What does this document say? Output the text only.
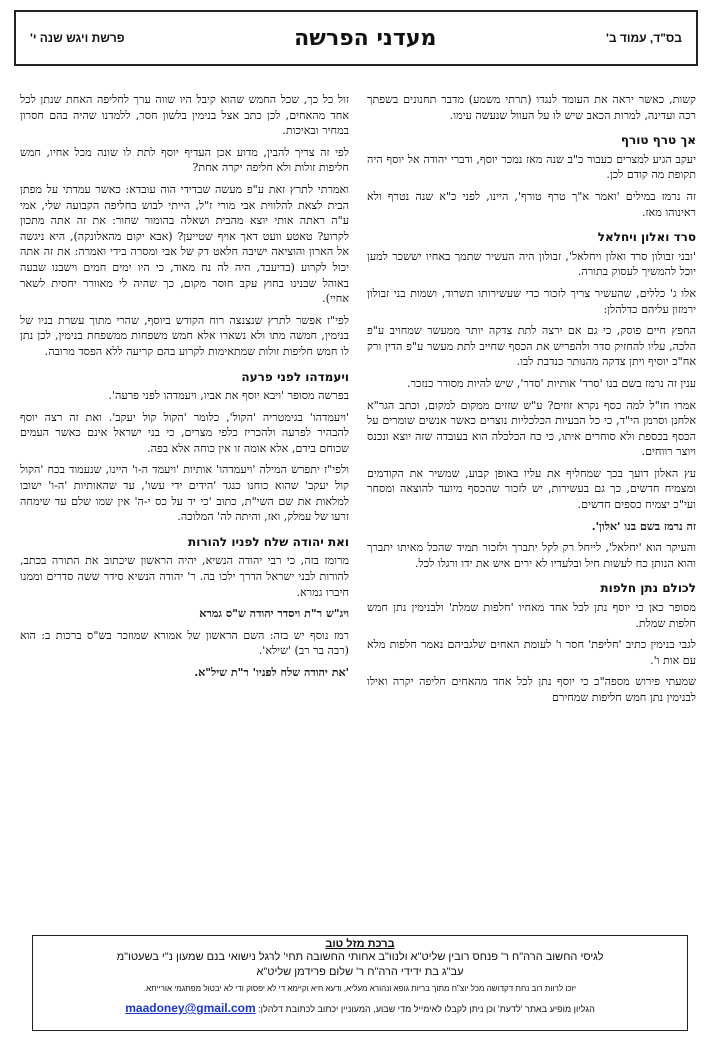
בס"ד, עמוד ב'
מעדני הפרשה
פרשת ויגש שנה י'

זול כל כך, שכל החמש שהוא קיבל היו שווה ערך לחליפה האחת שנתן לכל אחד מהאחים, לכן כתב אצל בנימין בלשון חסר, ללמדנו שהיה בהם חסרון במחיר ובאיכות.

לפי זה צריך להבין, מדוע אכן העדיף יוסף לתת לו שונה מכל אחיו, חמש חליפות זולות ולא חליפה יקרה אחת?

ואמרתי לתרץ זאת ע"פ מעשה שבדידי הוה עובדא: כאשר עמדתי על מפתן הבית לצאת להלווית אבי מורי ז"ל, הייתי לבוש בחליפה הקבועה שלי, אמי ע"ה ראתה אותי יוצא מהבית ושאלה בהומור שחור: את זה אתה מתכון לקרוע? טאטע וועט דאך אויף שטייען? (אבא יקום מהאלונקה), היא ניגשה אל הארון והוציאה ישיבה חלאט דק של אבי ומסרה בידי ואמרה: את זה אתה יכול לקרוע (בדיעבד, היה לה נח מאוד, כי היו ימים חמים וישבנו שבעה באוהל שבנינו בחוץ עקב חוסר מקום, כך שהיה לי מאוורר יחסית לשאר אחיי).

לפי"ז אפשר לתרץ שנצנצה רוח הקודש ביוסף, שהרי מתוך עשרת בניו של בנימין, חמשה מתו ולא נשארו אלא חמש משפחות ממשפחת בנימין, לכן נתן לו חמש חליפות זולות שמתאימות לקרוע בהם קריעה ללא הפסד מרובה.

ויעמדהו לפני פרעה

בפרשה מסופר 'ויבא יוסף את אביו, ויעמדהו לפני פרעה'.

'ויעמדהו' בגימטריה 'הקול', כלומר 'הקול קול יעקב'. ואת זה רצה יוסף להבהיר לפרעה ולהכריז כלפי מצרים, כי בני ישראל אינם כאשר העמים שכוחם בידם, אלא אומה זו אין כוחה אלא בפה.

ולפי"ז יתפרש המילה 'ויעמדהו' אותיות 'ויעמד ה-ו' היינו, שנעמוד בכח 'הקול קול יעקב' שהוא כוחנו כנגד 'הידים ידי עשו', עד שהאותיות 'ה-ו' ישובו למלאות את שם השי"ת, כתוב 'כי יד על כס י-ה' אין שמו שלם עד שימחה זרעו של עמלק, ואז, והיתה לה' המלוכה.

ואת יהודה שלח לפניו להורות

מרומז בזה, כי רבי יהודה הנשיא, יהיה הראשון שיכתוב את התורה בכתב, להורות לבני ישראל הדרך ילכו בה. ר' יהודה הנשיא סידר ששה סדרים וממנו חיברו גמרא.

ויג"ש ר"ת ויסדר יהודה ש"ס גמרא

רמז נוסף יש בזה: השם הראשון של אמורא שמוזכר בש"ס ברכות ב: הוא (רבה בר רב) 'שילא'.

'את יהודה שלח לפניו' ר"ת שיל"א.

קשות, כאשר יראה את העומד לנגדו (תרתי משמע) מדבר תחנונים בשפתך רכה ועדינה, למרות הכאב שיש לו על העוול שנעשה עימו.

אך טרף טורף

יעקב הגיע למצרים כעבור כ"ב שנה מאז נמכר יוסף, ודברי יהודה אל יוסף היה תקופת מה קודם לכן.

זה נרמז במילים 'ואמר א"ך טרף טורף', היינו, לפני כ"א שנה נטרף ולא ראינוהו מאז.

סרד ואלון ויחלאל

'ובני זבולון סרד ואלון ויחלאל', זבולון היה העשיר שתמך באחיו יששכר למען יוכל להמשיך לעסוק בתורה.

אלו ג' כללים, שהעשיר צריך לזכור כדי שעשירותו תשרוד, ושמות בני זבולון ירמזון עליהם כדלהלן:

החפץ חיים פוסק, כי גם אם ירצה לתת צדקה יותר ממעשר שמחויב ע"פ הלכה, עליו להחזיק סדר ולהפריש את הכסף שחייב לתת מעשר ע"פ הדין ורק אח"כ יוסיף ויתן צדקה מהנותר כנדבת לבו.

ענין זה נרמז בשם בנו 'סרד' אותיות 'סדר', שיש להיות מסודר כנזכר.

אמרו חז"ל למה כסף נקרא זוזים? ע"ש שזזים ממקום למקום, וכתב הגר"א אלחנן וסרמן הי"ד, כי כל הבעיות הכלכליות נוצרים כאשר אנשים שומרים על הכסף בכספת ולא סוחרים איתו, כי כח הכלכלה הוא בעובדה שזה יוצא ונכנס ויוצר רווחים.

עץ האלון דועך בכך שמחליף את עליו באופן קבוע, שמשיר את הקודמים ומצמיח חדשים, כך גם בעשירות, יש לזכור שהכסף מיועד להוצאה ומסחר ועי"כ יצמיח כספים חדשים.

זה נרמז בשם בנו 'אלון'.

והעיקר הוא 'יחלאל', לייחל רק לקל יתברך ולזכור תמיד שהכל מאיתו יתברך והוא הנותן כח לעשות חיל ובלעדיו לא ירים איש את ידו ורגלו לכל.

לכולם נתן חלפות

מסופר כאן כי יוסף נתן לכל אחד מאחיו 'חלפות שמלת' ולבנימין נתן חמש חלפות שמלת.

לגבי בנימין כתיב 'חליפת' חסר ו' לעומת האחים שלגביהם נאמר חלפות מלא עם אות ו'.

שמעתי פירוש מספה"כ כי יוסף נתן לכל אחד מהאחים חליפה יקרה ואילו לבנימין נתן חמש חליפות שמחירם

ברכת מזל טוב
לגיסי החשוב הרה"ח ר' פנחס רובין שליט"א ולנוו"ב אחותי החשובה תחי' לרגל נישואי בנם שמעון נ"י בשעטו"מ
עב"ג בת ידידי הרה"ח ר' שלום פרידמן שליט"א
יזכו לרוות רוב נחת דקדושה מכל יוצ"ח מתוך בריות גופא ונהורא מעליא, ודעא חיא וקיימא די לא יפסוק ודי לא יבטול מפתגמי אורייתא.
הגליון מופיע באתר 'לדעת' וכן ניתן לקבלו לאימייל מדי שבוע, המעוניין יכתוב לכתובת דלהלן: maadoney@gmail.com
